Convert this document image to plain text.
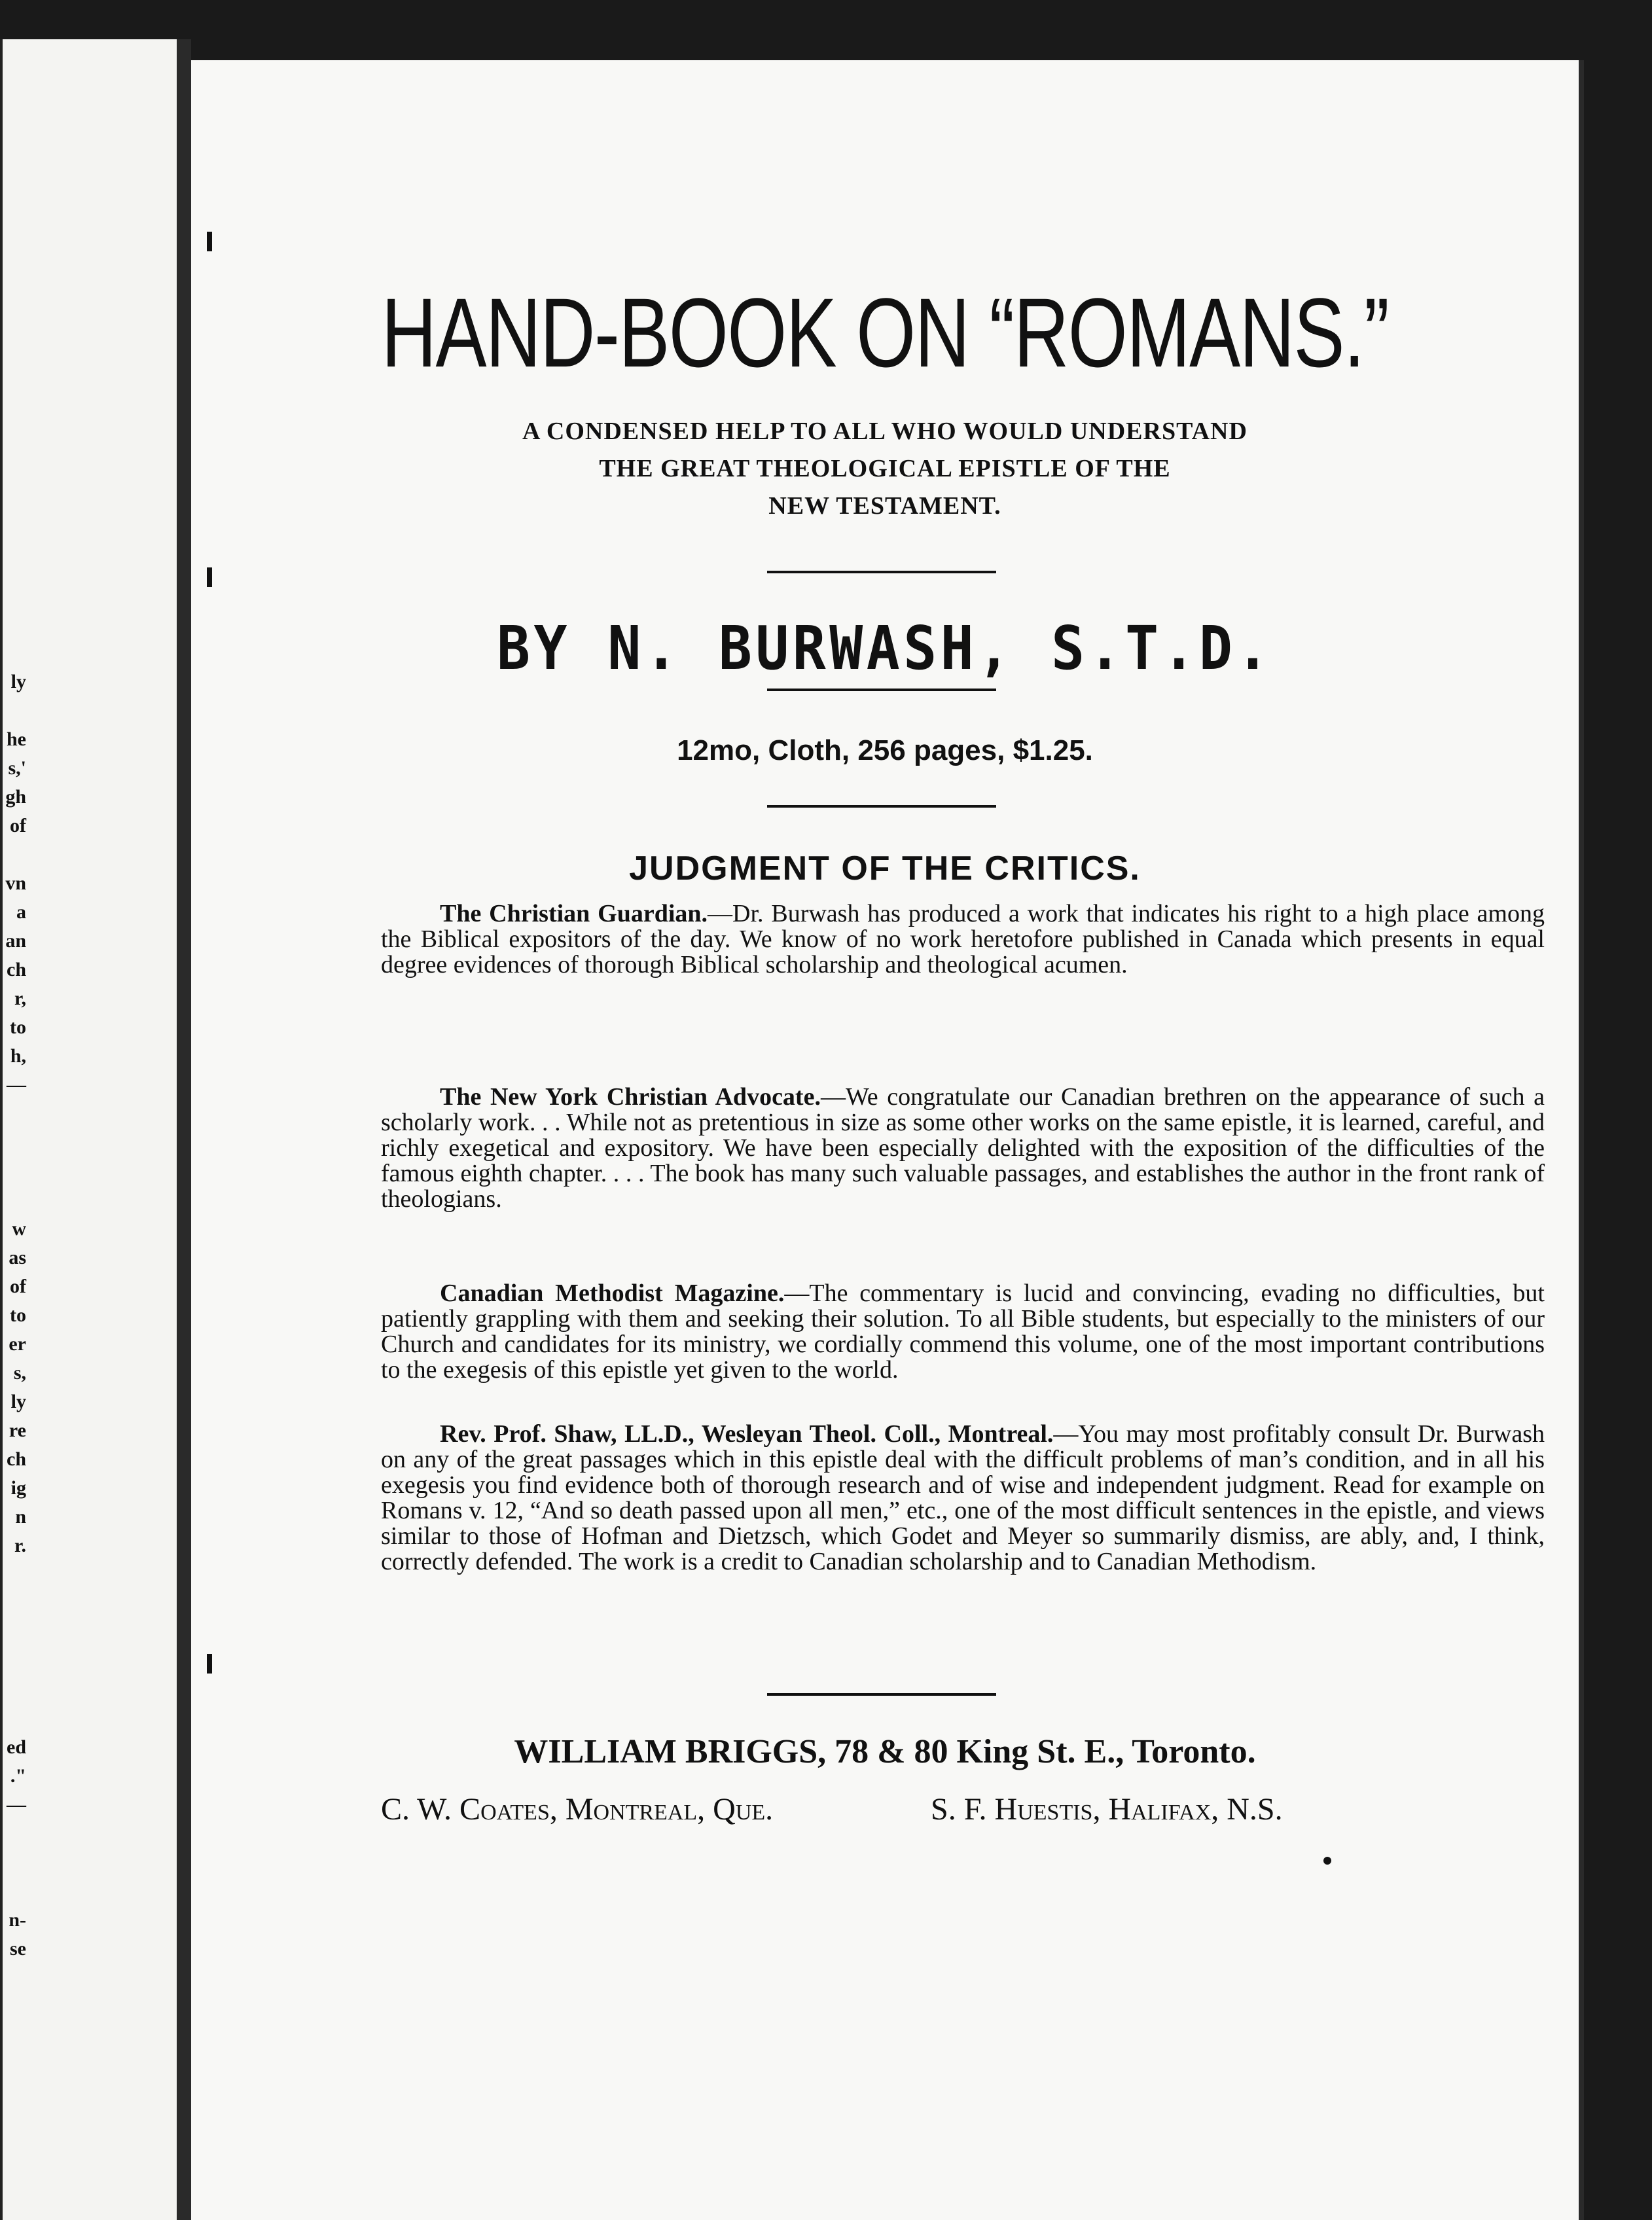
ly
he
s,'
gh
of
vn
a
an
ch
r,
to
h,
—
w
as
of
to
er
s,
ly
re
ch
ig
n
r.
ed
."
—
n-
se
HAND-BOOK ON “ROMANS.”
A CONDENSED HELP TO ALL WHO WOULD UNDERSTAND
THE GREAT THEOLOGICAL EPISTLE OF THE
NEW TESTAMENT.
BY N. BURWASH, S.T.D.
12mo, Cloth, 256 pages, $1.25.
JUDGMENT OF THE CRITICS.

The Christian Guardian.—Dr. Burwash has produced a work that indicates his right to a high place among the Biblical expositors of the day. We know of no work heretofore published in Canada which presents in equal degree evidences of thorough Biblical scholarship and theological acumen.

The New York Christian Advocate.—We congratulate our Canadian brethren on the appearance of such a scholarly work. . . While not as pretentious in size as some other works on the same epistle, it is learned, careful, and richly exegetical and expository. We have been especially delighted with the exposition of the difficulties of the famous eighth chapter. . . . The book has many such valuable passages, and establishes the author in the front rank of theologians.

Canadian Methodist Magazine.—The commentary is lucid and convincing, evading no difficulties, but patiently grappling with them and seeking their solution. To all Bible students, but especially to the ministers of our Church and candidates for its ministry, we cordially commend this volume, one of the most important contributions to the exegesis of this epistle yet given to the world.

Rev. Prof. Shaw, LL.D., Wesleyan Theol. Coll., Montreal.—You may most profitably consult Dr. Burwash on any of the great passages which in this epistle deal with the difficult problems of man’s condition, and in all his exegesis you find evidence both of thorough research and of wise and independent judgment. Read for example on Romans v. 12, “And so death passed upon all men,” etc., one of the most difficult sentences in the epistle, and views similar to those of Hofman and Dietzsch, which Godet and Meyer so summarily dismiss, are ably, and, I think, correctly defended. The work is a credit to Canadian scholarship and to Canadian Methodism.

WILLIAM BRIGGS, 78 & 80 King St. E., Toronto.
C. W. Coates, Montreal, Que.	S. F. Huestis, Halifax, N.S.
